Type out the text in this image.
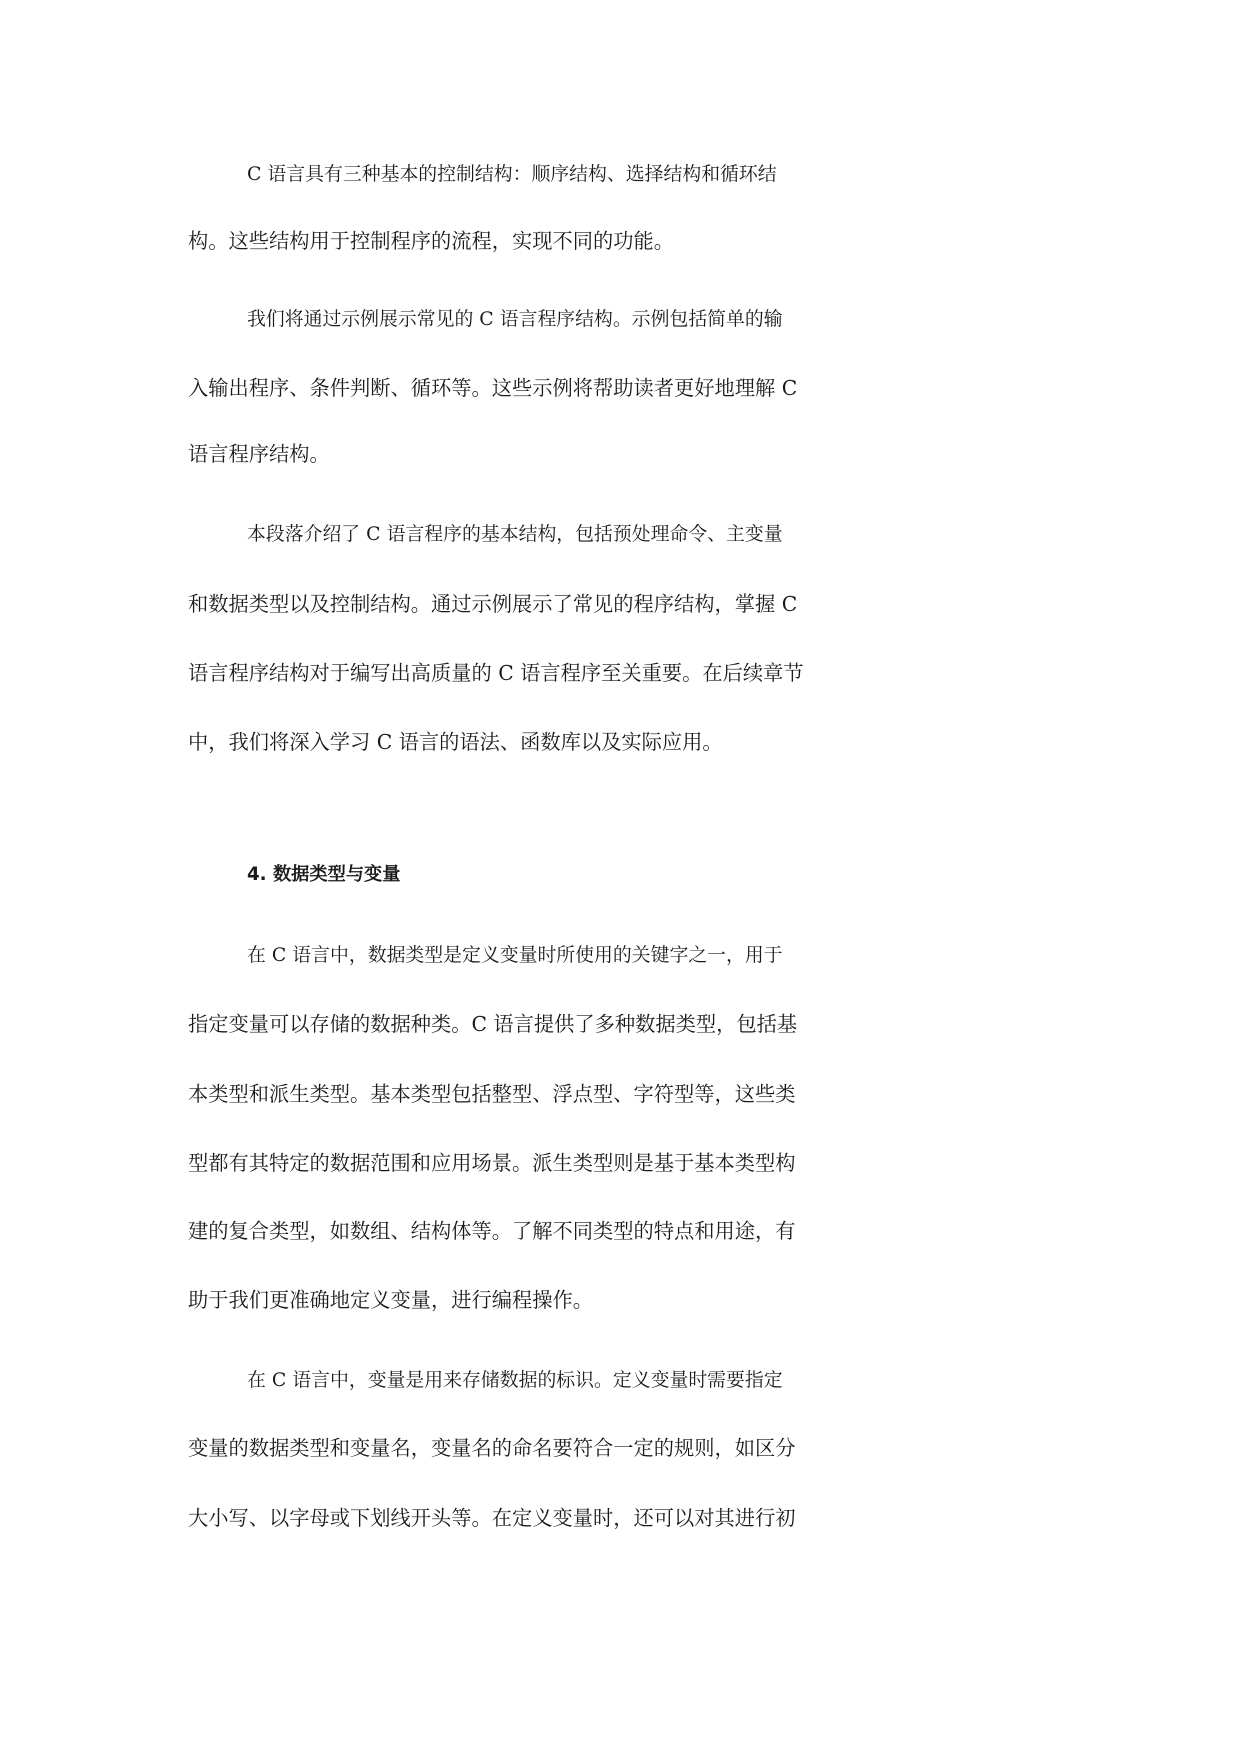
C 语言具有三种基本的控制结构：顺序结构、选择结构和循环结

构。这些结构用于控制程序的流程，实现不同的功能。

我们将通过示例展示常见的 C 语言程序结构。示例包括简单的输

入输出程序、条件判断、循环等。这些示例将帮助读者更好地理解 C

语言程序结构。

本段落介绍了 C 语言程序的基本结构，包括预处理命令、主变量

和数据类型以及控制结构。通过示例展示了常见的程序结构，掌握 C

语言程序结构对于编写出高质量的 C 语言程序至关重要。在后续章节

中，我们将深入学习 C 语言的语法、函数库以及实际应用。

4. 数据类型与变量

在 C 语言中，数据类型是定义变量时所使用的关键字之一，用于

指定变量可以存储的数据种类。C 语言提供了多种数据类型，包括基

本类型和派生类型。基本类型包括整型、浮点型、字符型等，这些类

型都有其特定的数据范围和应用场景。派生类型则是基于基本类型构

建的复合类型，如数组、结构体等。了解不同类型的特点和用途，有

助于我们更准确地定义变量，进行编程操作。

在 C 语言中，变量是用来存储数据的标识。定义变量时需要指定

变量的数据类型和变量名，变量名的命名要符合一定的规则，如区分

大小写、以字母或下划线开头等。在定义变量时，还可以对其进行初
